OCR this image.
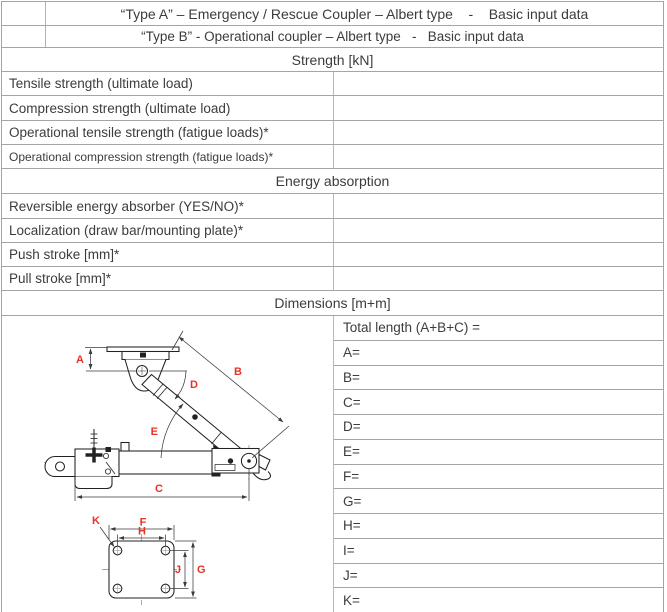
“Type A” – Emergency / Rescue Coupler – Albert type    -    Basic input data
“Type B” - Operational coupler – Albert type   -   Basic input data
Strength [kN]
Tensile strength (ultimate load)
Compression strength (ultimate load)
Operational tensile strength (fatigue loads)*
Operational compression strength (fatigue loads)*
Energy absorption
Reversible energy absorber (YES/NO)*
Localization (draw bar/mounting plate)*
Push stroke [mm]*
Pull stroke [mm]*
Dimensions [m+m]
A
B
C
D
E
F
H
J G
K
Total length (A+B+C) =
A=
B=
C=
D=
E=
F=
G=
H=
I=
J=
K=
